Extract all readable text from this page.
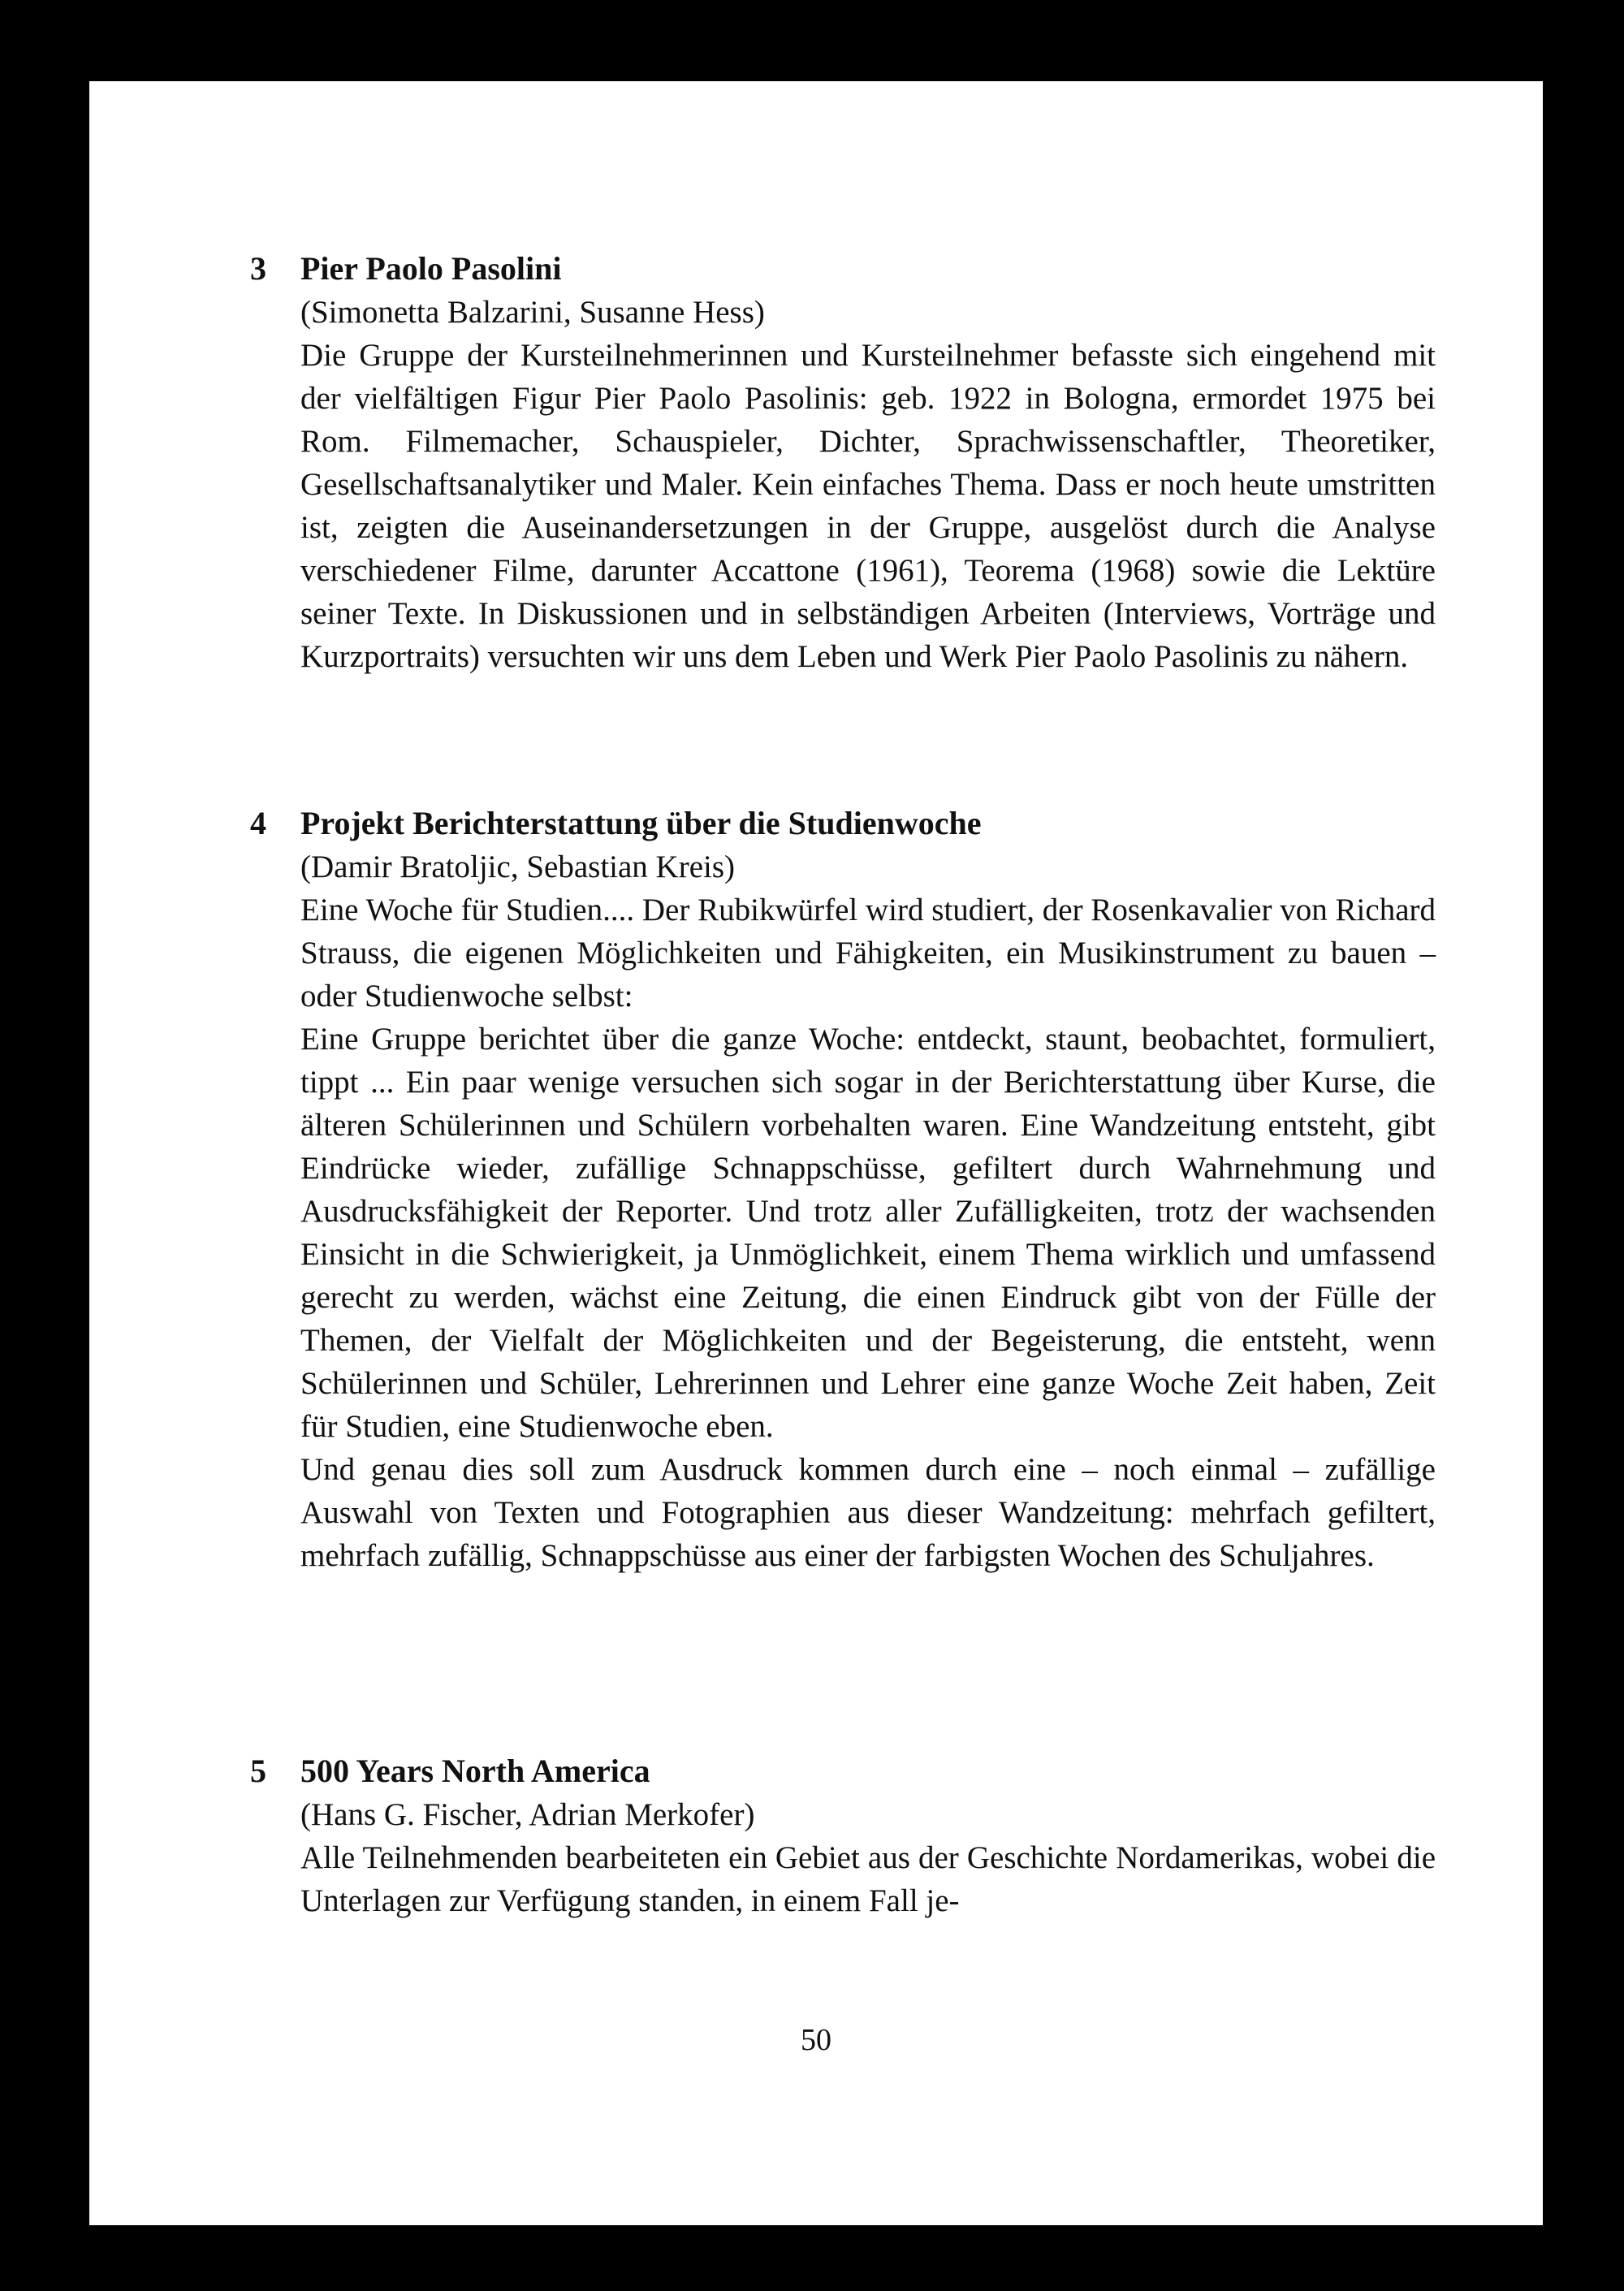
3 Pier Paolo Pasolini
(Simonetta Balzarini, Susanne Hess)

Die Gruppe der Kursteilnehmerinnen und Kursteilnehmer befasste sich eingehend mit der vielfältigen Figur Pier Paolo Pasolinis: geb. 1922 in Bologna, ermordet 1975 bei Rom. Filmemacher, Schauspieler, Dichter, Sprachwissenschaftler, Theoretiker, Gesellschaftsanalytiker und Maler. Kein einfaches Thema. Dass er noch heute umstritten ist, zeigten die Auseinandersetzungen in der Gruppe, ausgelöst durch die Analyse verschiedener Filme, darunter Accattone (1961), Teorema (1968) sowie die Lektüre seiner Texte. In Diskussionen und in selbständigen Arbeiten (Interviews, Vorträge und Kurzportraits) versuchten wir uns dem Leben und Werk Pier Paolo Pasolinis zu nähern.

4 Projekt Berichterstattung über die Studienwoche
(Damir Bratoljic, Sebastian Kreis)

Eine Woche für Studien.... Der Rubikwürfel wird studiert, der Rosenkavalier von Richard Strauss, die eigenen Möglichkeiten und Fähigkeiten, ein Musikinstrument zu bauen – oder Studienwoche selbst:

Eine Gruppe berichtet über die ganze Woche: entdeckt, staunt, beobachtet, formuliert, tippt ... Ein paar wenige versuchen sich sogar in der Berichterstattung über Kurse, die älteren Schülerinnen und Schülern vorbehalten waren. Eine Wandzeitung entsteht, gibt Eindrücke wieder, zufällige Schnappschüsse, gefiltert durch Wahrnehmung und Ausdrucksfähigkeit der Reporter. Und trotz aller Zufälligkeiten, trotz der wachsenden Einsicht in die Schwierigkeit, ja Unmöglichkeit, einem Thema wirklich und umfassend gerecht zu werden, wächst eine Zeitung, die einen Eindruck gibt von der Fülle der Themen, der Vielfalt der Möglichkeiten und der Begeisterung, die entsteht, wenn Schülerinnen und Schüler, Lehrerinnen und Lehrer eine ganze Woche Zeit haben, Zeit für Studien, eine Studienwoche eben.

Und genau dies soll zum Ausdruck kommen durch eine – noch einmal – zufällige Auswahl von Texten und Fotographien aus dieser Wandzeitung: mehrfach gefiltert, mehrfach zufällig, Schnappschüsse aus einer der farbigsten Wochen des Schuljahres.

5 500 Years North America
(Hans G. Fischer, Adrian Merkofer)

Alle Teilnehmenden bearbeiteten ein Gebiet aus der Geschichte Nordamerikas, wobei die Unterlagen zur Verfügung standen, in einem Fall je-

50
